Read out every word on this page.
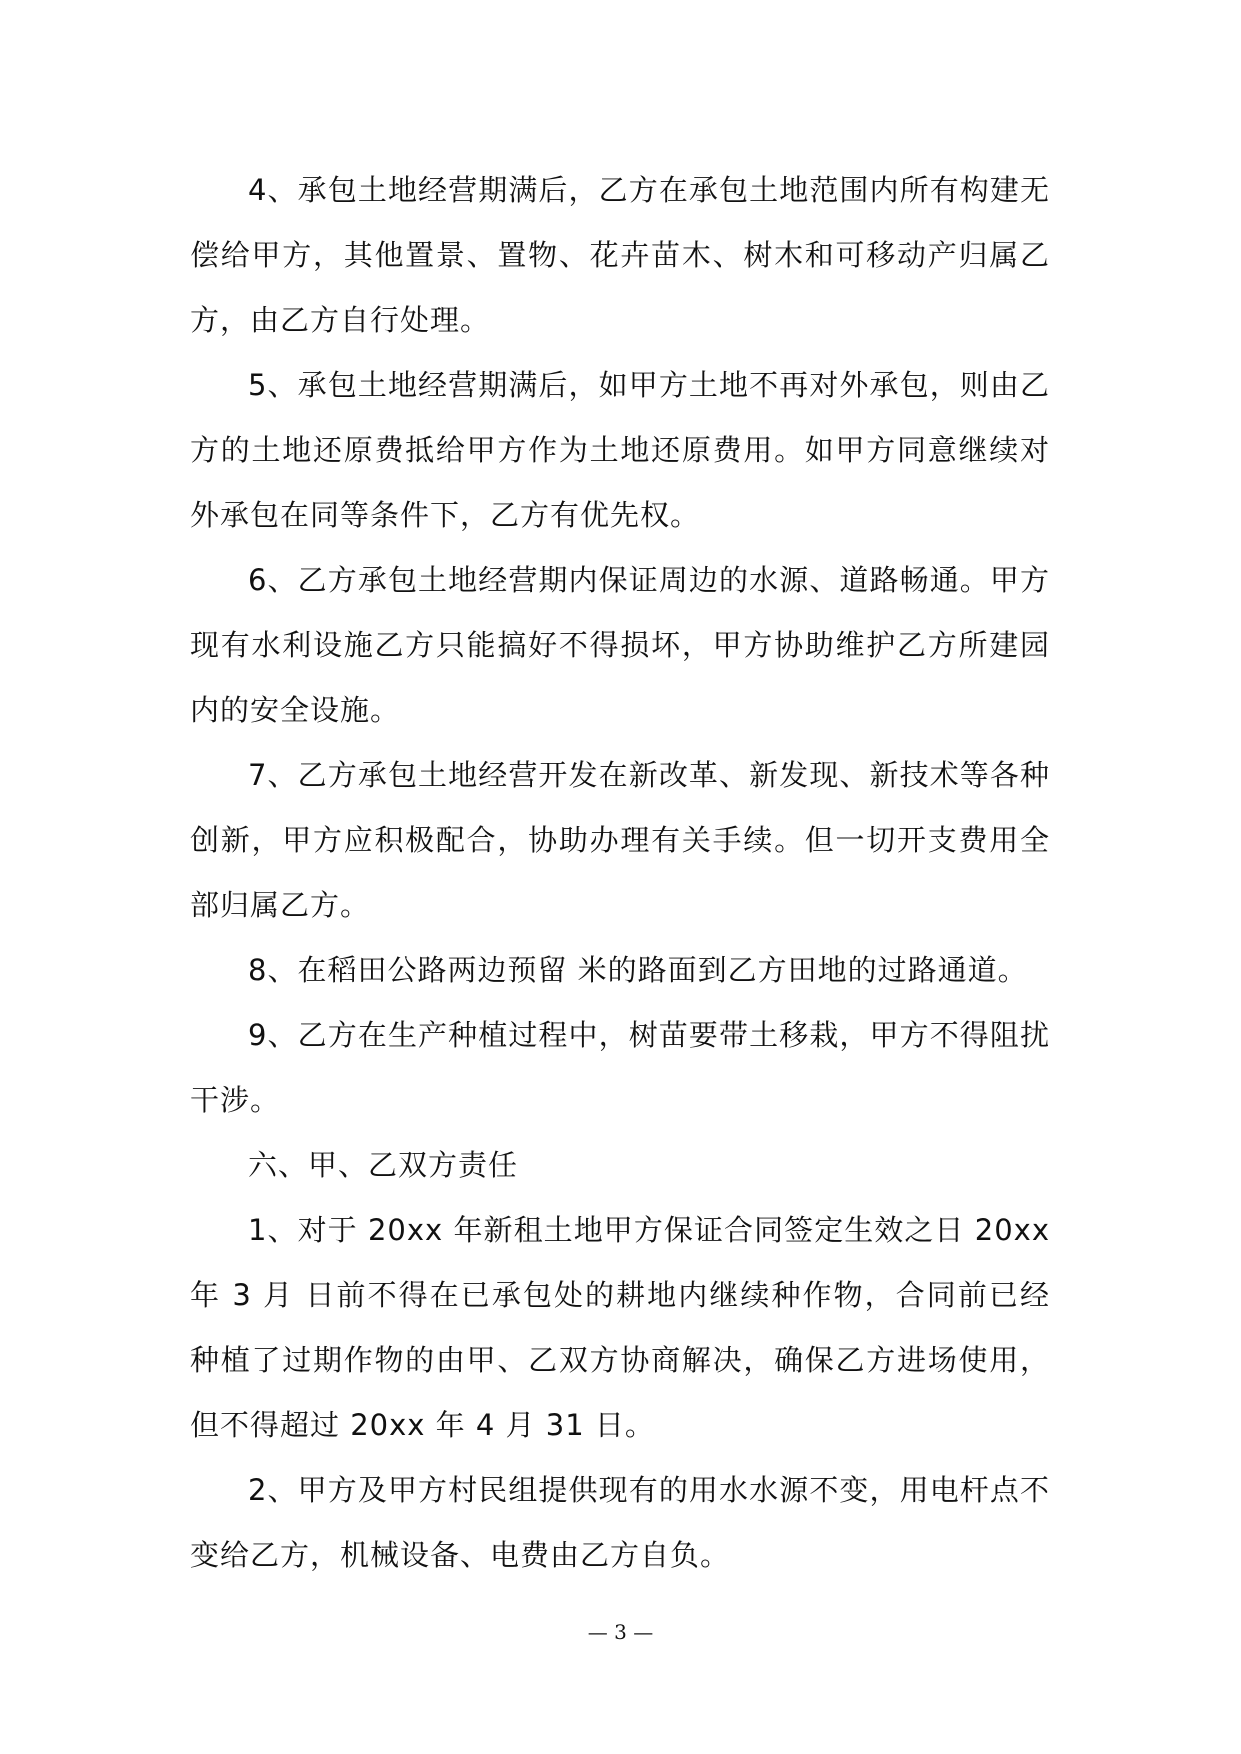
4、承包土地经营期满后，乙方在承包土地范围内所有构建无偿给甲方，其他置景、置物、花卉苗木、树木和可移动产归属乙方，由乙方自行处理。

5、承包土地经营期满后，如甲方土地不再对外承包，则由乙方的土地还原费抵给甲方作为土地还原费用。如甲方同意继续对外承包在同等条件下，乙方有优先权。

6、乙方承包土地经营期内保证周边的水源、道路畅通。甲方现有水利设施乙方只能搞好不得损坏，甲方协助维护乙方所建园内的安全设施。

7、乙方承包土地经营开发在新改革、新发现、新技术等各种创新，甲方应积极配合，协助办理有关手续。但一切开支费用全部归属乙方。

8、在稻田公路两边预留 米的路面到乙方田地的过路通道。

9、乙方在生产种植过程中，树苗要带土移栽，甲方不得阻扰干涉。

六、甲、乙双方责任

1、对于 20xx 年新租土地甲方保证合同签定生效之日 20xx 年 3 月 日前不得在已承包处的耕地内继续种作物，合同前已经种植了过期作物的由甲、乙双方协商解决，确保乙方进场使用，但不得超过 20xx 年 4 月 31 日。

2、甲方及甲方村民组提供现有的用水水源不变，用电杆点不变给乙方，机械设备、电费由乙方自负。

— 3 —
